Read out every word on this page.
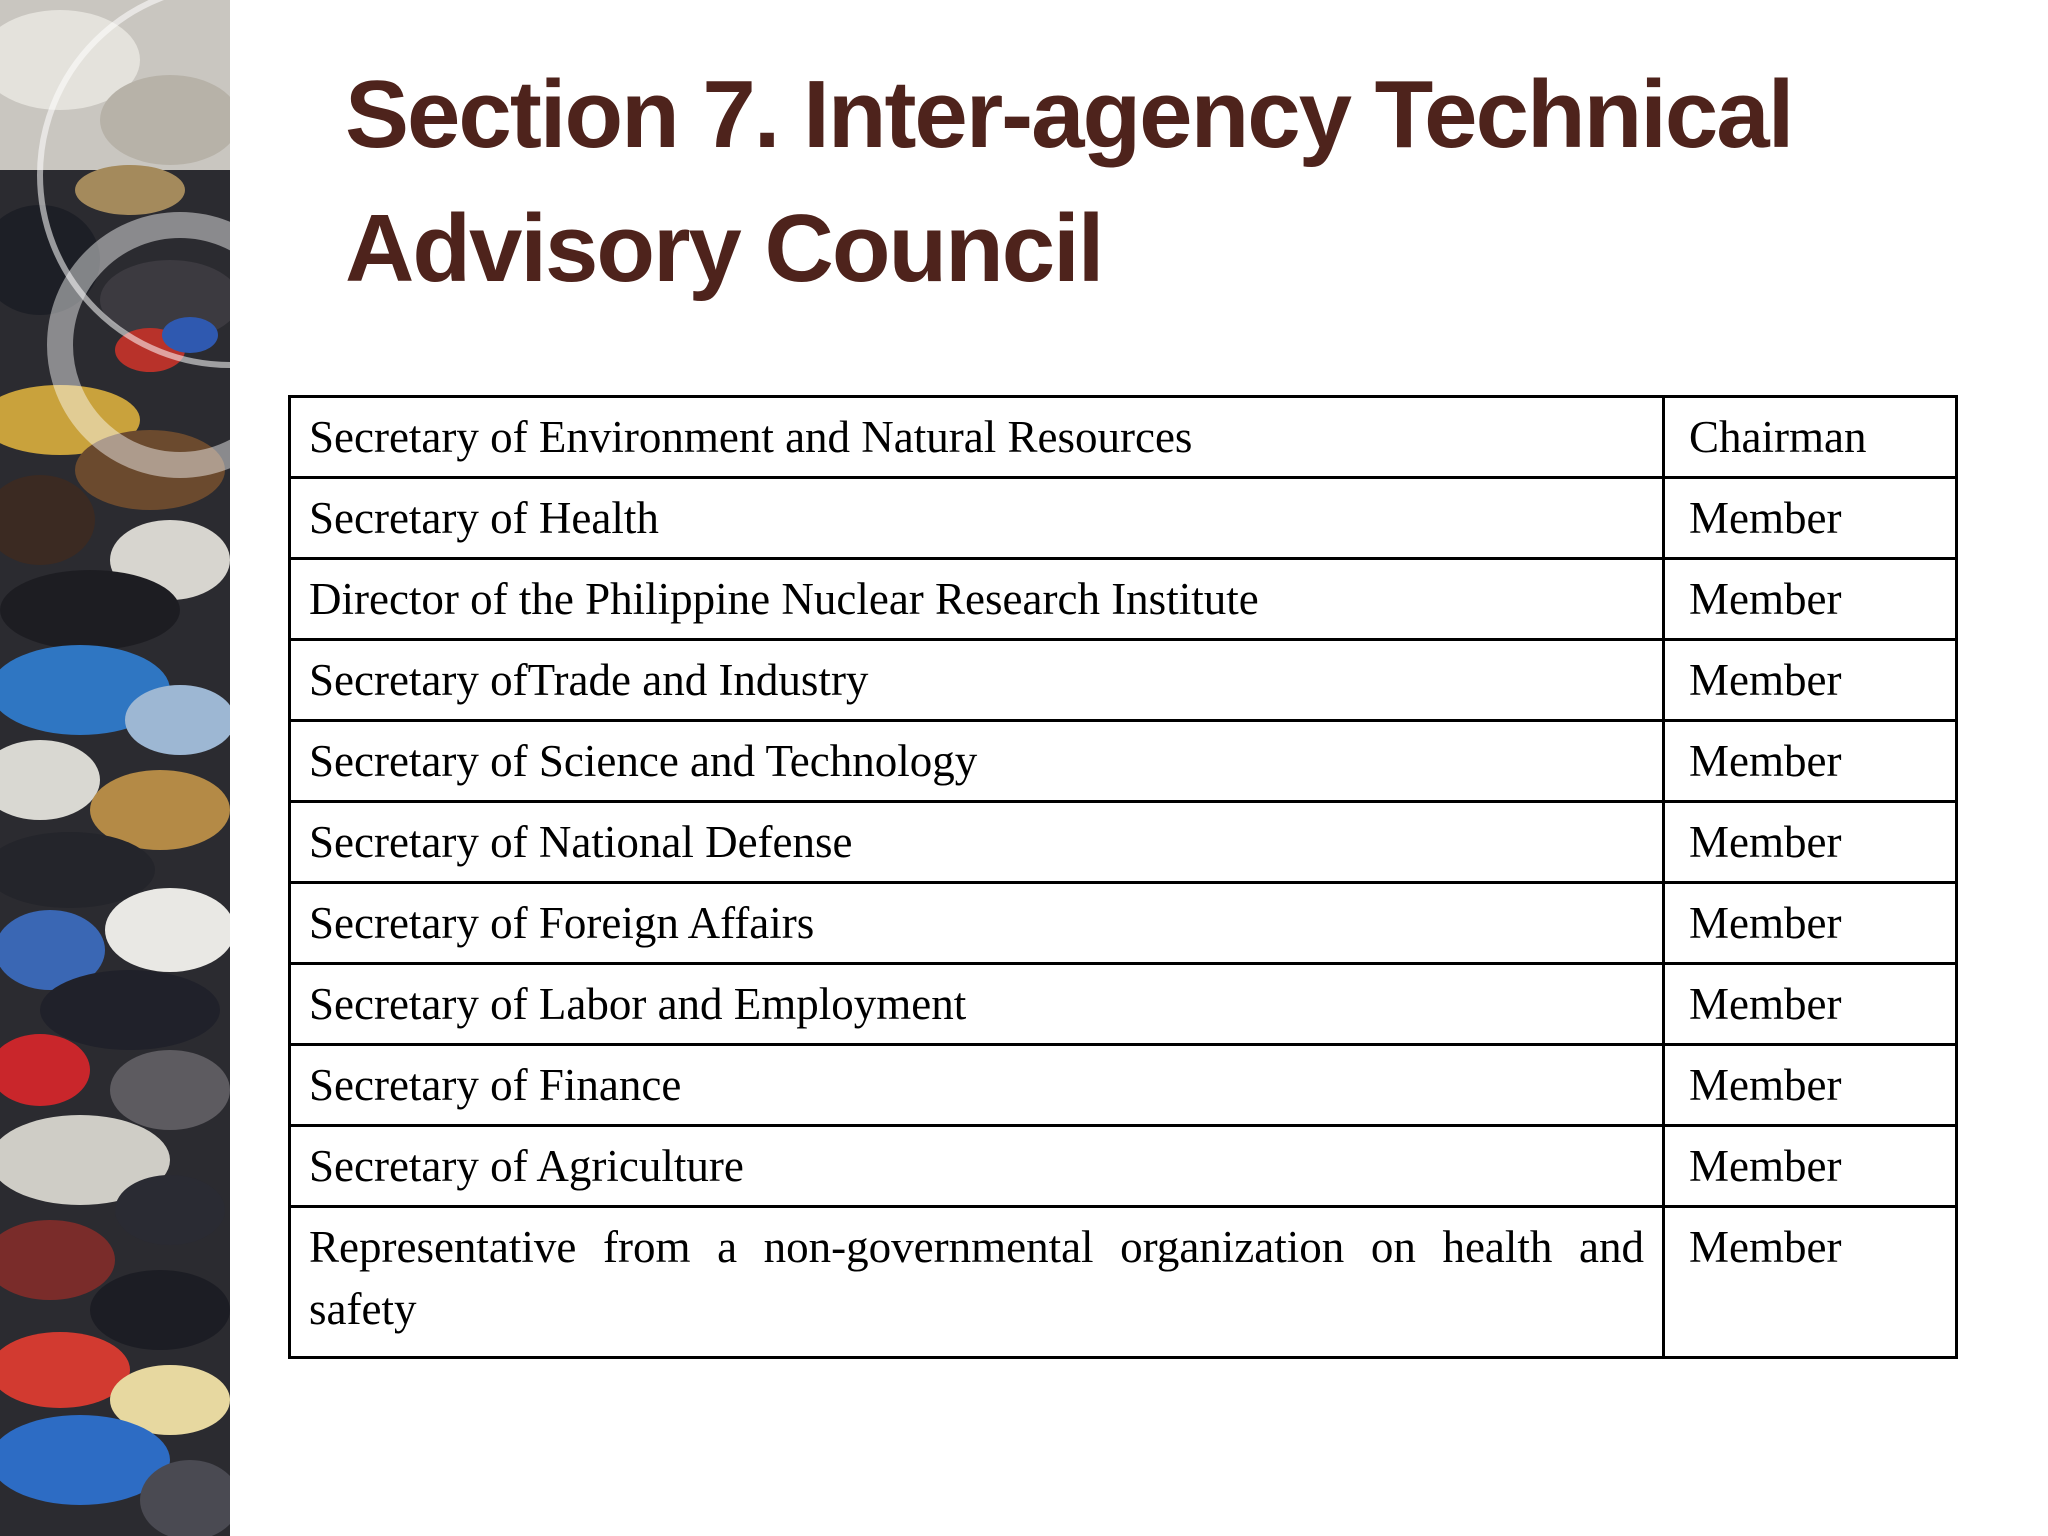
Section 7. Inter-agency Technical Advisory Council
Secretary of Environment and Natural Resources	Chairman
Secretary of Health	Member
Director of the Philippine Nuclear Research Institute	Member
Secretary ofTrade and Industry	Member
Secretary of Science and Technology	Member
Secretary of National Defense	Member
Secretary of Foreign Affairs	Member
Secretary of Labor and Employment	Member
Secretary of Finance	Member
Secretary of Agriculture	Member
Representative from a non-governmental organization on health and safety	Member
